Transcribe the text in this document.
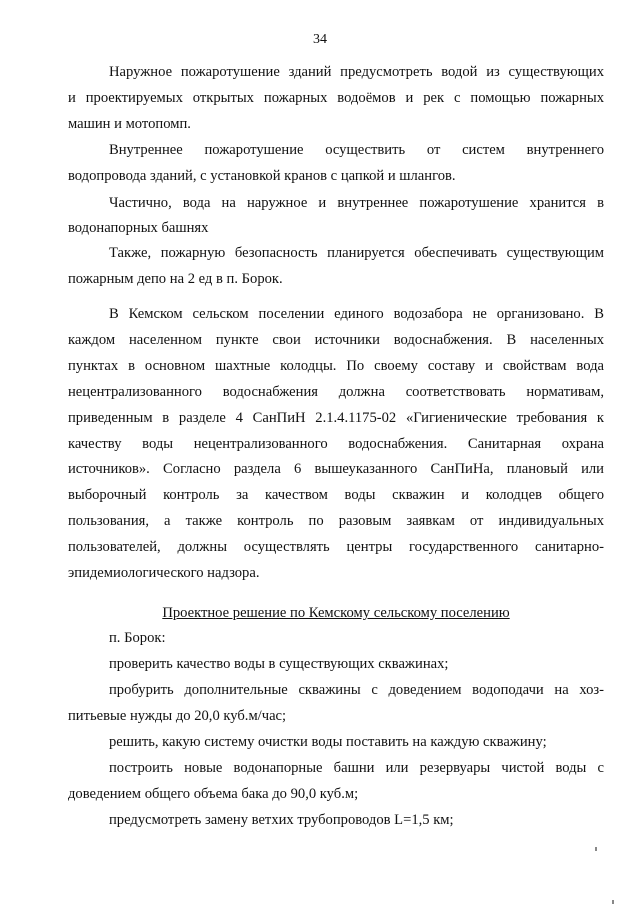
34
Наружное пожаротушение зданий предусмотреть водой из существующих
и проектируемых открытых пожарных водоёмов и рек с помощью пожарных
машин и мотопомп.
Внутреннее пожаротушение осуществить от систем внутреннего
водопровода зданий, с установкой кранов с цапкой и шлангов.
Частично, вода на наружное и внутреннее пожаротушение хранится в
водонапорных башнях
Также, пожарную безопасность планируется обеспечивать существующим
пожарным депо на 2 ед в п. Борок.
В Кемском сельском поселении единого водозабора не организовано. В
каждом населенном пункте свои источники водоснабжения. В населенных
пунктах в основном шахтные колодцы. По своему составу и свойствам вода
нецентрализованного водоснабжения должна соответствовать нормативам,
приведенным в разделе 4 СанПиН 2.1.4.1175-02 «Гигиенические требования к
качеству воды нецентрализованного водоснабжения. Санитарная охрана
источников». Согласно раздела 6 вышеуказанного СанПиНа, плановый или
выборочный контроль за качеством воды скважин и колодцев общего
пользования, а также контроль по разовым заявкам от индивидуальных
пользователей, должны осуществлять центры государственного санитарно-
эпидемиологического надзора.
Проектное решение по Кемскому сельскому поселению
п. Борок:
проверить качество воды в существующих скважинах;
пробурить дополнительные скважины с доведением водоподачи на хоз-
питьевые нужды до 20,0 куб.м/час;
решить, какую систему очистки воды поставить на каждую скважину;
построить новые водонапорные башни или резервуары чистой воды с
доведением общего объема бака до 90,0 куб.м;
предусмотреть замену ветхих трубопроводов L=1,5 км;
